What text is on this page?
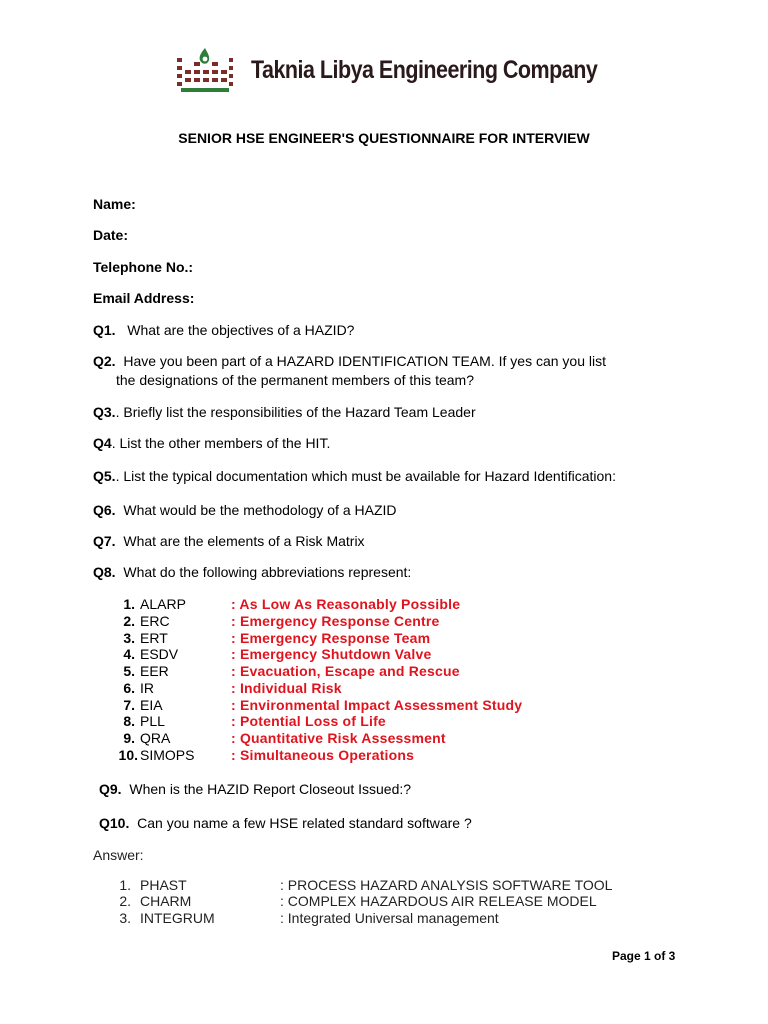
Taknia Libya Engineering Company
SENIOR HSE ENGINEER'S QUESTIONNAIRE FOR INTERVIEW
Name:
Date:
Telephone No.:
Email Address:
Q1. What are the objectives of a HAZID?
Q2. Have you been part of a HAZARD IDENTIFICATION TEAM. If yes can you list
the designations of the permanent members of this team?
Q3.. Briefly list the responsibilities of the Hazard Team Leader
Q4. List the other members of the HIT.
Q5.. List the typical documentation which must be available for Hazard Identification:
Q6. What would be the methodology of a HAZID
Q7. What are the elements of a Risk Matrix
Q8. What do the following abbreviations represent:
1. ALARP	: As Low As Reasonably Possible
2. ERC	: Emergency Response Centre
3. ERT	: Emergency Response Team
4. ESDV	: Emergency Shutdown Valve
5. EER	: Evacuation, Escape and Rescue
6. IR	: Individual Risk
7. EIA	: Environmental Impact Assessment Study
8. PLL	: Potential Loss of Life
9. QRA	: Quantitative Risk Assessment
10. SIMOPS	: Simultaneous Operations
Q9. When is the HAZID Report Closeout Issued:?
Q10. Can you name a few HSE related standard software ?
Answer:
1. PHAST	: PROCESS HAZARD ANALYSIS SOFTWARE TOOL
2. CHARM	: COMPLEX HAZARDOUS AIR RELEASE MODEL
3. INTEGRUM	: Integrated Universal management
Page 1 of 3
